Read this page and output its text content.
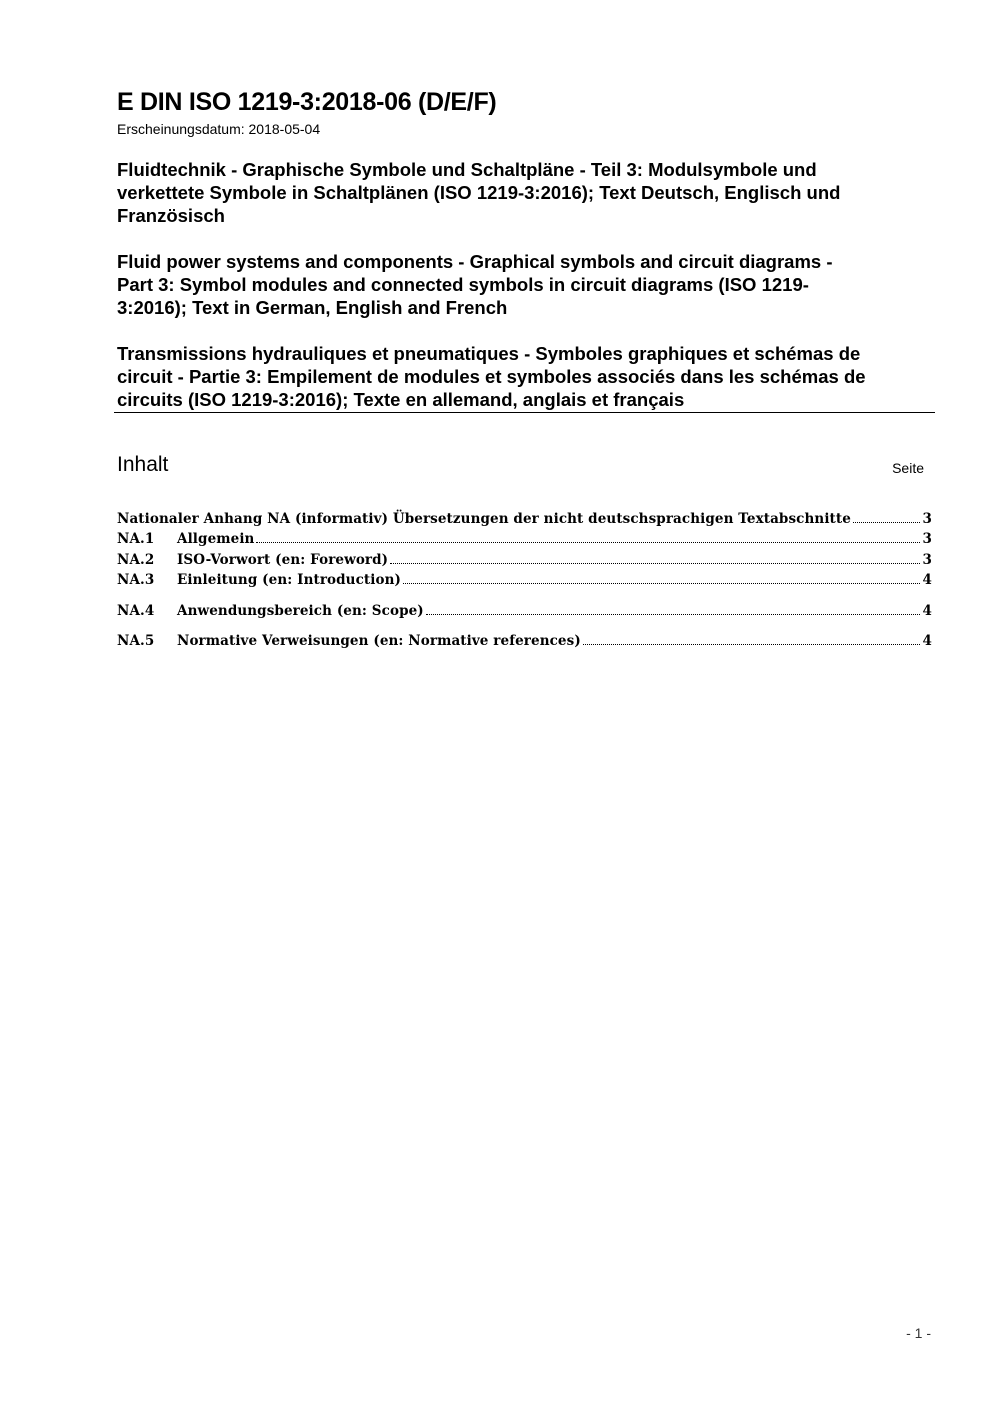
E DIN ISO 1219-3:2018-06 (D/E/F)
Erscheinungsdatum: 2018-05-04
Fluidtechnik - Graphische Symbole und Schaltpläne - Teil 3: Modulsymbole und
verkettete Symbole in Schaltplänen (ISO 1219-3:2016); Text Deutsch, Englisch und
Französisch
Fluid power systems and components - Graphical symbols and circuit diagrams -
Part 3: Symbol modules and connected symbols in circuit diagrams (ISO 1219-
3:2016); Text in German, English and French
Transmissions hydrauliques et pneumatiques - Symboles graphiques et schémas de
circuit - Partie 3: Empilement de modules et symboles associés dans les schémas de
circuits (ISO 1219-3:2016); Texte en allemand, anglais et français
Inhalt	Seite
Nationaler Anhang NA (informativ) Übersetzungen der nicht deutschsprachigen Textabschnitte	3
NA.1	Allgemein	3
NA.2	ISO-Vorwort (en: Foreword)	3
NA.3	Einleitung (en: Introduction)	4
NA.4	Anwendungsbereich (en: Scope)	4
NA.5	Normative Verweisungen (en: Normative references)	4
- 1 -
